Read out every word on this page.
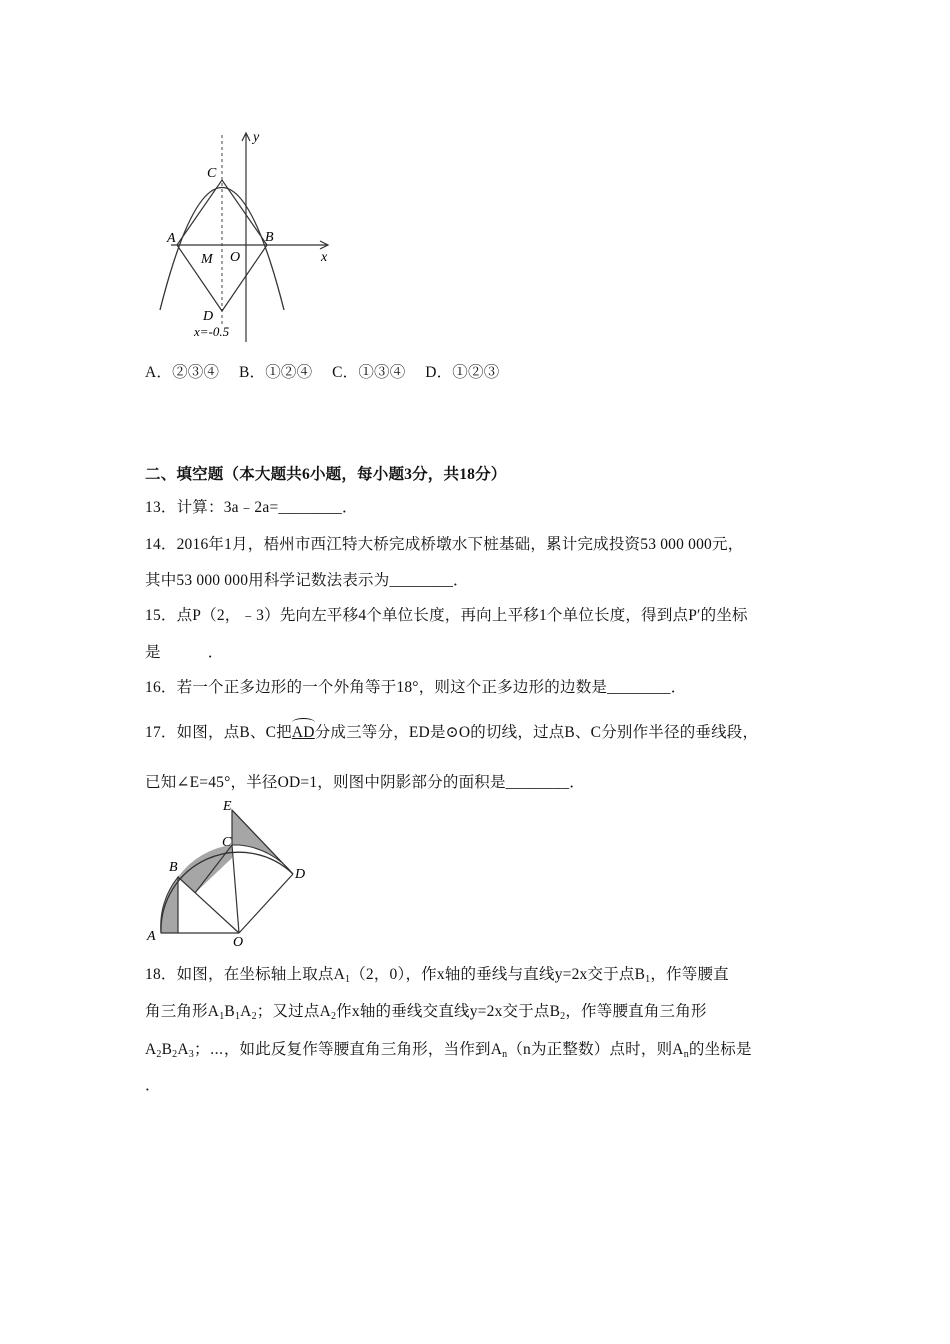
y
x
C
A	B
M O
D
x=-0.5
A．②③④　 B．①②④　 C．①③④　 D．①②③
二、填空题（本大题共6小题，每小题3分，共18分）
13．计算：3a﹣2a=________．
14．2016年1月，梧州市西江特大桥完成桥墩水下桩基础，累计完成投资53 000 000元，
其中53 000 000用科学记数法表示为________．
15．点P（2，﹣3）先向左平移4个单位长度，再向上平移1个单位长度，得到点P′的坐标
是　　　．
16．若一个正多边形的一个外角等于18°，则这个正多边形的边数是________．
17．如图，点B、C把AD分成三等分，ED是⊙O的切线，过点B、C分别作半径的垂线段，
已知∠E=45°，半径OD=1，则图中阴影部分的面积是________．
E
C
B	D
A	O
18．如图，在坐标轴上取点$A_1(2$，0），作x轴的垂线与直线y=2x交于点$B_1$，作等腰直
角三角形$A_1B_1A_2$；又过点$A_2$作x轴的垂线交直线y=2x交于点$B_2$，作等腰直角三角形
$A_2B_2A_3$；⋯，如此反复作等腰直角三角形，当作到$A_n(n$为正整数）点时，则$A_n$的坐标是
．
